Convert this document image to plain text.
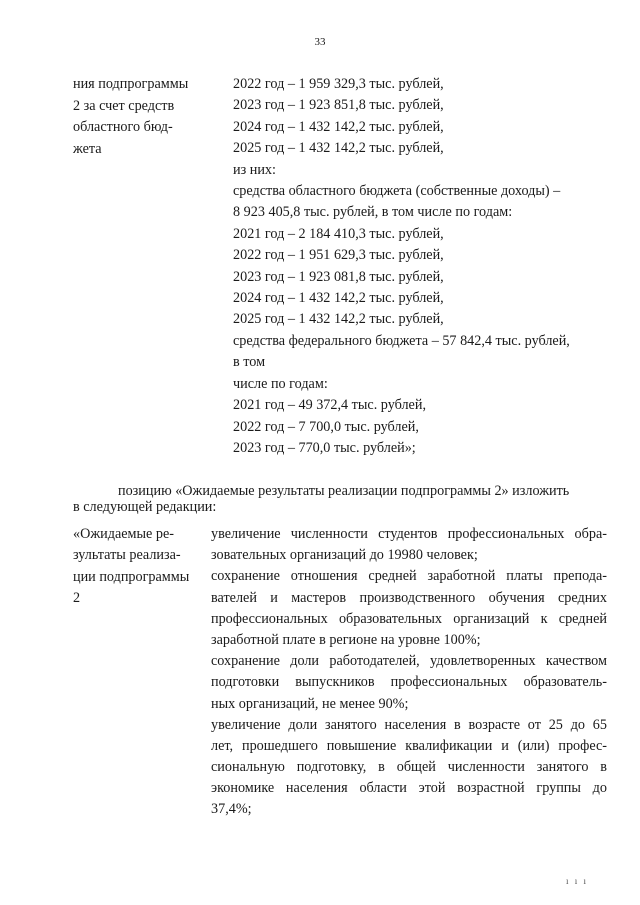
33
ния подпрограммы
2 за счет средств
областного бюд-
жета
2022 год – 1 959 329,3 тыс. рублей,
2023 год – 1 923 851,8 тыс. рублей,
2024 год – 1 432 142,2 тыс. рублей,
2025 год – 1 432 142,2 тыс. рублей,
из них:
средства областного бюджета (собственные доходы) –
8 923 405,8 тыс. рублей, в том числе по годам:
2021 год – 2 184 410,3 тыс. рублей,
2022 год – 1 951 629,3 тыс. рублей,
2023 год – 1 923 081,8 тыс. рублей,
2024 год – 1 432 142,2 тыс. рублей,
2025 год – 1 432 142,2 тыс. рублей,
средства федерального бюджета – 57 842,4 тыс. рублей,
в том
числе по годам:
2021 год – 49 372,4 тыс. рублей,
2022 год – 7 700,0 тыс. рублей,
2023 год – 770,0 тыс. рублей»;
позицию «Ожидаемые результаты реализации подпрограммы 2» изложить
в следующей редакции:
«Ожидаемые ре-
зультаты реализа-
ции подпрограммы
2
увеличение численности студентов профессиональных обра-
зовательных организаций до 19980 человек;
сохранение отношения средней заработной платы препода-
вателей и мастеров производственного обучения средних
профессиональных образовательных организаций к средней
заработной плате в регионе на уровне 100%;
сохранение доли работодателей, удовлетворенных качеством
подготовки выпускников профессиональных образователь-
ных организаций, не менее 90%;
увеличение доли занятого населения в возрасте от 25 до 65
лет, прошедшего повышение квалификации и (или) профес-
сиональную подготовку, в общей численности занятого в
экономике населения области этой возрастной группы до
37,4%;
ı ı ı
